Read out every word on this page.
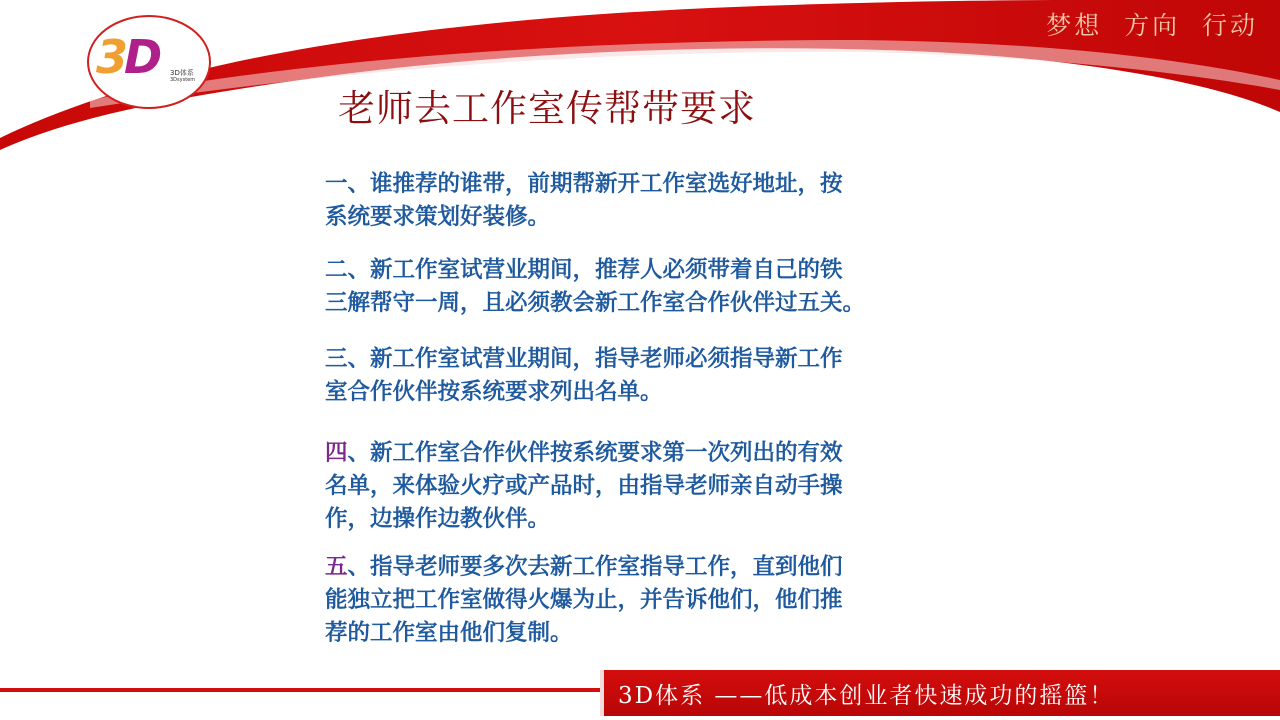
梦想  方向  行动
3D 3D体系
3Dsystem
老师去工作室传帮带要求

一、谁推荐的谁带，前期帮新开工作室选好地址，按
系统要求策划好装修。

二、新工作室试营业期间，推荐人必须带着自己的铁
三解帮守一周，且必须教会新工作室合作伙伴过五关。

三、新工作室试营业期间，指导老师必须指导新工作
室合作伙伴按系统要求列出名单。

四、新工作室合作伙伴按系统要求第一次列出的有效
名单，来体验火疗或产品时，由指导老师亲自动手操
作，边操作边教伙伴。

五、指导老师要多次去新工作室指导工作，直到他们
能独立把工作室做得火爆为止，并告诉他们，他们推
荐的工作室由他们复制。

3D体系 ——低成本创业者快速成功的摇篮！
